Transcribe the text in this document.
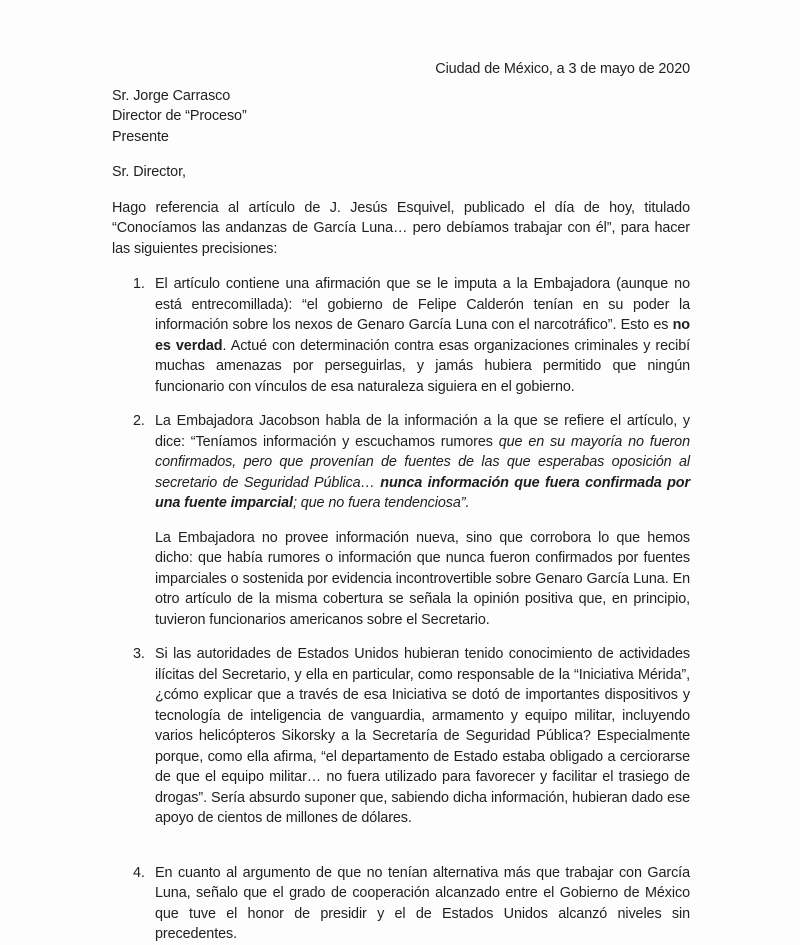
Ciudad de México, a 3 de mayo de 2020

Sr. Jorge Carrasco

Director de “Proceso”

Presente

Sr. Director,

Hago referencia al artículo de J. Jesús Esquivel, publicado el día de hoy, titulado “Conocíamos las andanzas de García Luna… pero debíamos trabajar con él”, para hacer las siguientes precisiones:

1. El artículo contiene una afirmación que se le imputa a la Embajadora (aunque no está entrecomillada): “el gobierno de Felipe Calderón tenían en su poder la información sobre los nexos de Genaro García Luna con el narcotráfico”. Esto es no es verdad. Actué con determinación contra esas organizaciones criminales y recibí muchas amenazas por perseguirlas, y jamás hubiera permitido que ningún funcionario con vínculos de esa naturaleza siguiera en el gobierno.
2. La Embajadora Jacobson habla de la información a la que se refiere el artículo, y dice: “Teníamos información y escuchamos rumores que en su mayoría no fueron confirmados, pero que provenían de fuentes de las que esperabas oposición al secretario de Seguridad Pública… nunca información que fuera confirmada por una fuente imparcial; que no fuera tendenciosa”.

La Embajadora no provee información nueva, sino que corrobora lo que hemos dicho: que había rumores o información que nunca fueron confirmados por fuentes imparciales o sostenida por evidencia incontrovertible sobre Genaro García Luna. En otro artículo de la misma cobertura se señala la opinión positiva que, en principio, tuvieron funcionarios americanos sobre el Secretario.

3. Si las autoridades de Estados Unidos hubieran tenido conocimiento de actividades ilícitas del Secretario, y ella en particular, como responsable de la “Iniciativa Mérida”, ¿cómo explicar que a través de esa Iniciativa se dotó de importantes dispositivos y tecnología de inteligencia de vanguardia, armamento y equipo militar, incluyendo varios helicópteros Sikorsky a la Secretaría de Seguridad Pública? Especialmente porque, como ella afirma, “el departamento de Estado estaba obligado a cerciorarse de que el equipo militar… no fuera utilizado para favorecer y facilitar el trasiego de drogas”. Sería absurdo suponer que, sabiendo dicha información, hubieran dado ese apoyo de cientos de millones de dólares.
4. En cuanto al argumento de que no tenían alternativa más que trabajar con García Luna, señalo que el grado de cooperación alcanzado entre el Gobierno de México que tuve el honor de presidir y el de Estados Unidos alcanzó niveles sin precedentes.
